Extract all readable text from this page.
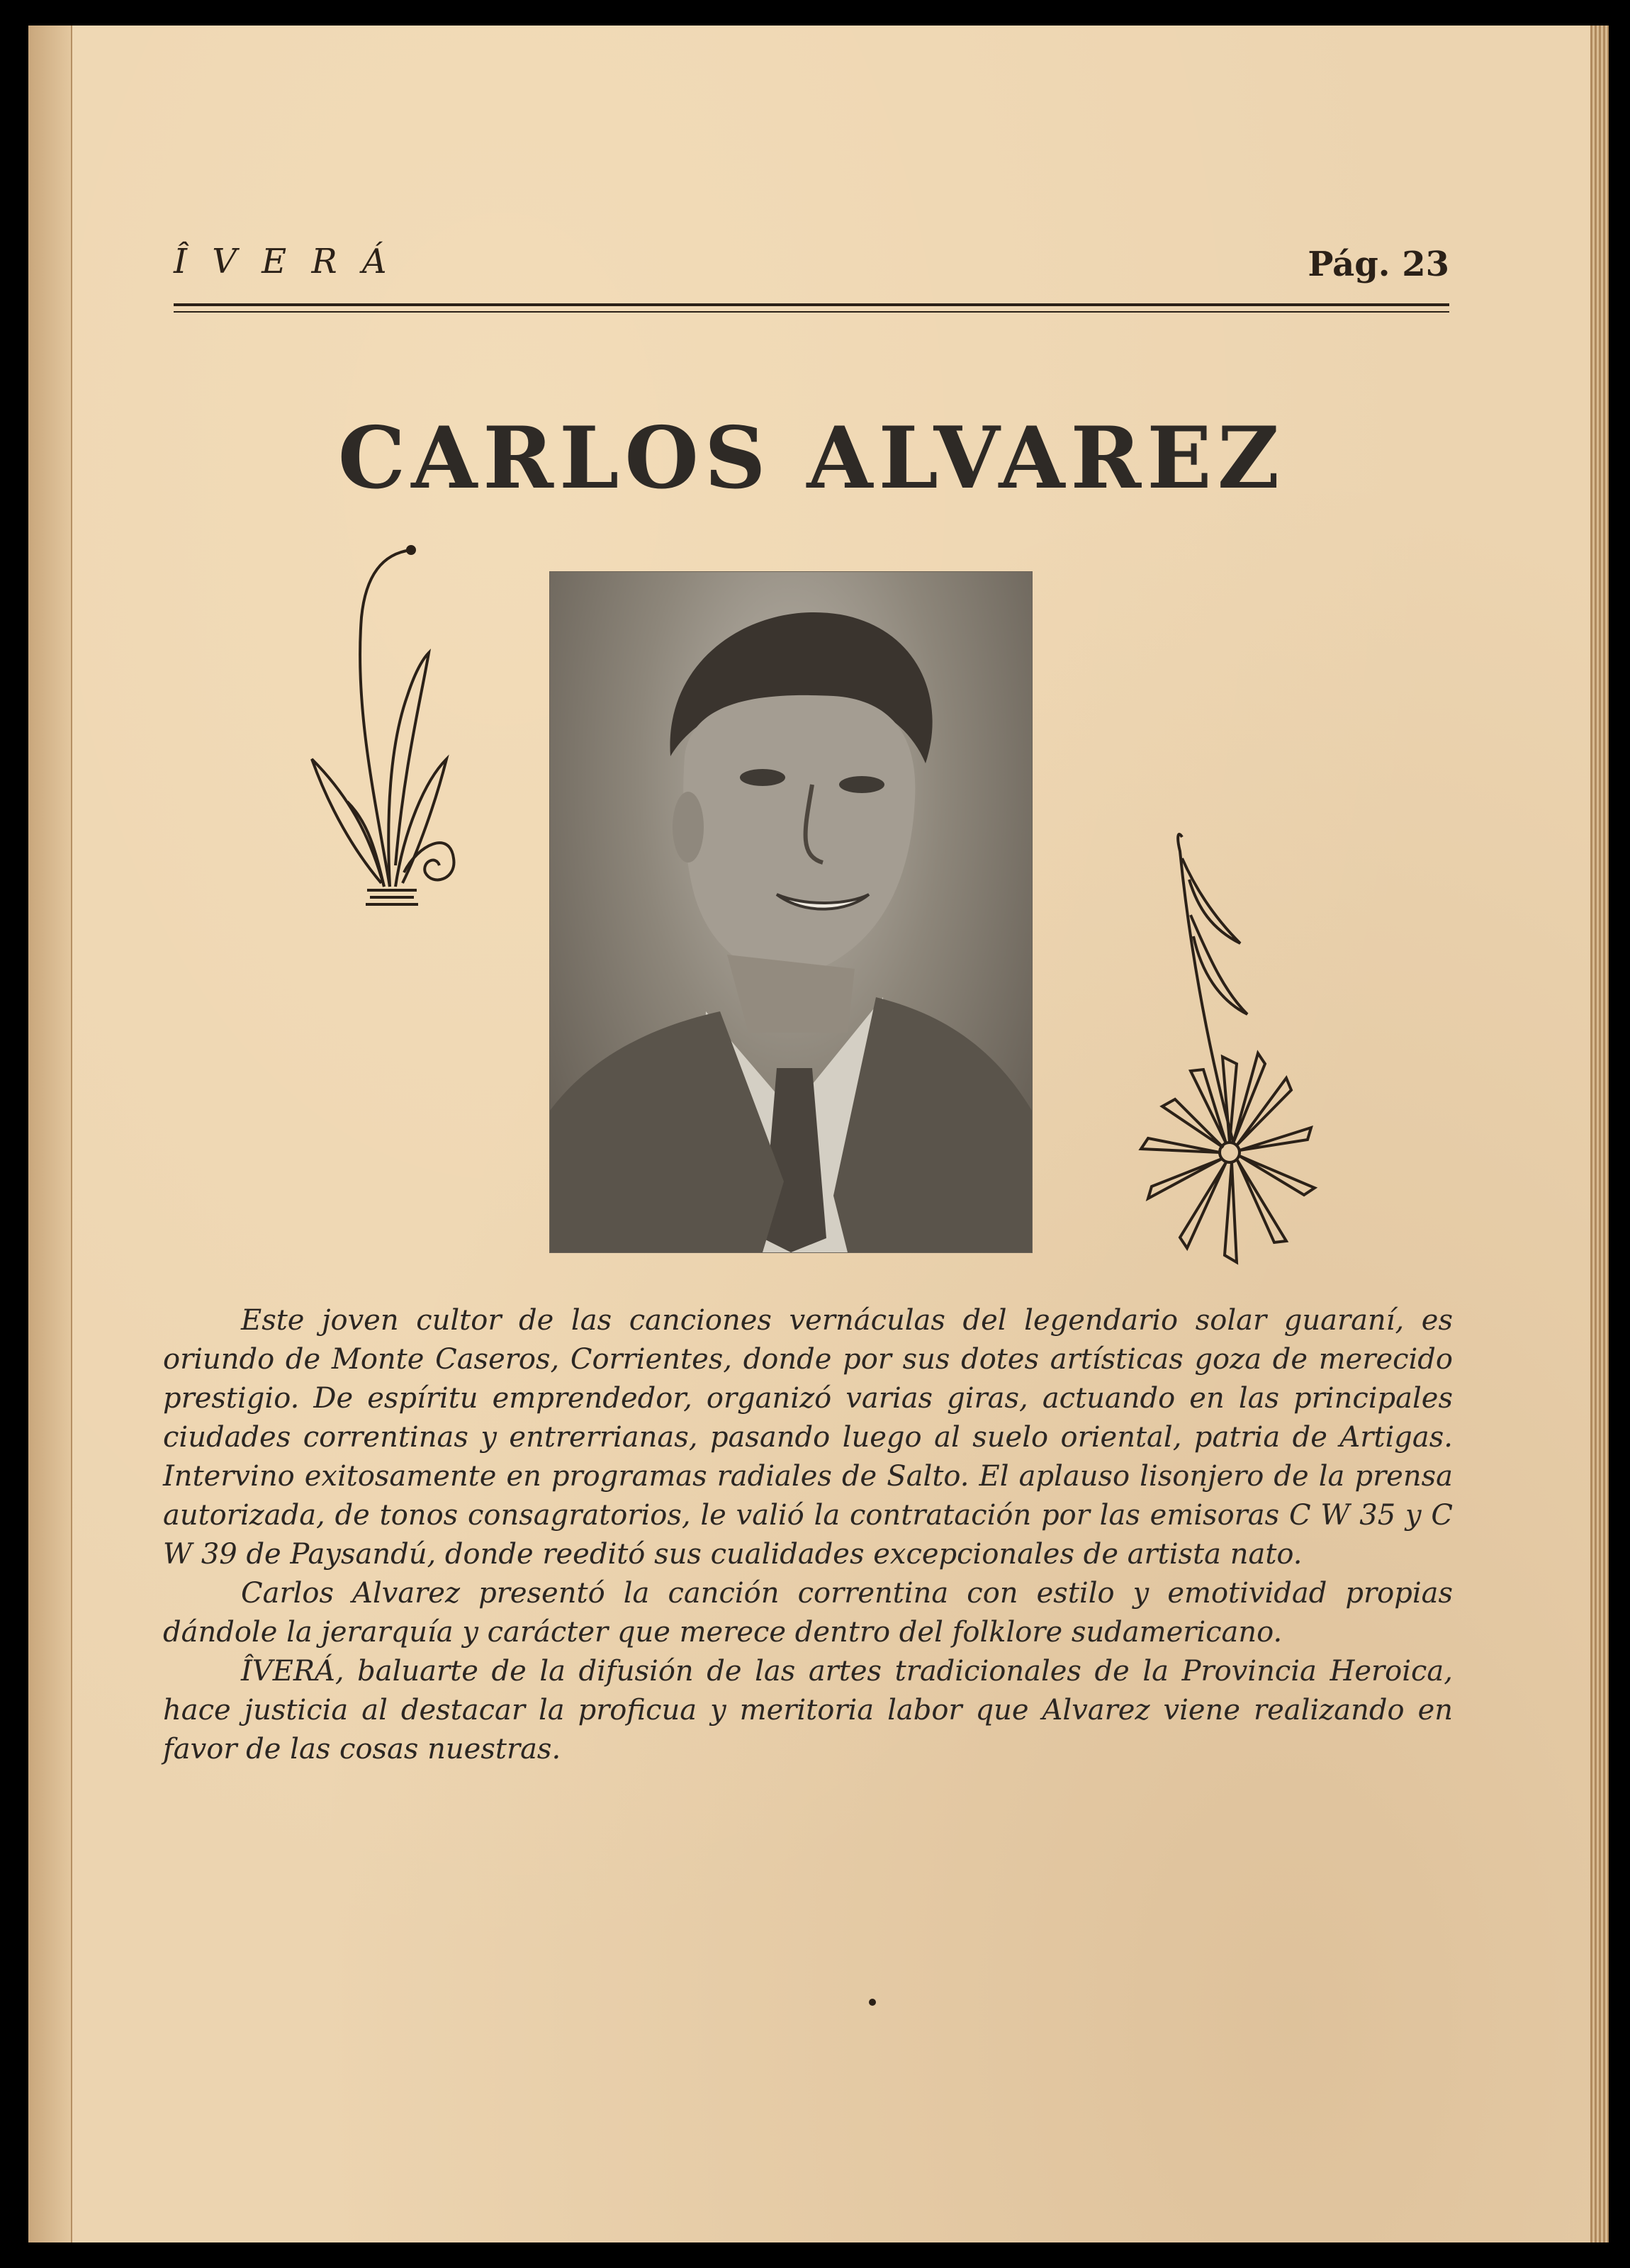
Î V E R Á	Pág. 23
CARLOS ALVAREZ

Este joven cultor de las canciones vernáculas del legendario solar guaraní, es oriundo de Monte Caseros, Corrientes, donde por sus dotes artísticas goza de merecido prestigio. De espíritu emprendedor, organizó varias giras, actuando en las principales ciudades correntinas y entrerrianas, pasando luego al suelo oriental, patria de Artigas. Intervino exitosamente en programas radiales de Salto. El aplauso lisonjero de la prensa autorizada, de tonos consagratorios, le valió la contratación por las emisoras C W 35 y C W 39 de Paysandú, donde reeditó sus cualidades excepcionales de artista nato.

Carlos Alvarez presentó la canción correntina con estilo y emotividad propias dándole la jerarquía y carácter que merece dentro del folklore sudamericano.

ÎVERÁ, baluarte de la difusión de las artes tradicionales de la Provincia Heroica, hace justicia al destacar la proficua y meritoria labor que Alvarez viene realizando en favor de las cosas nuestras.
